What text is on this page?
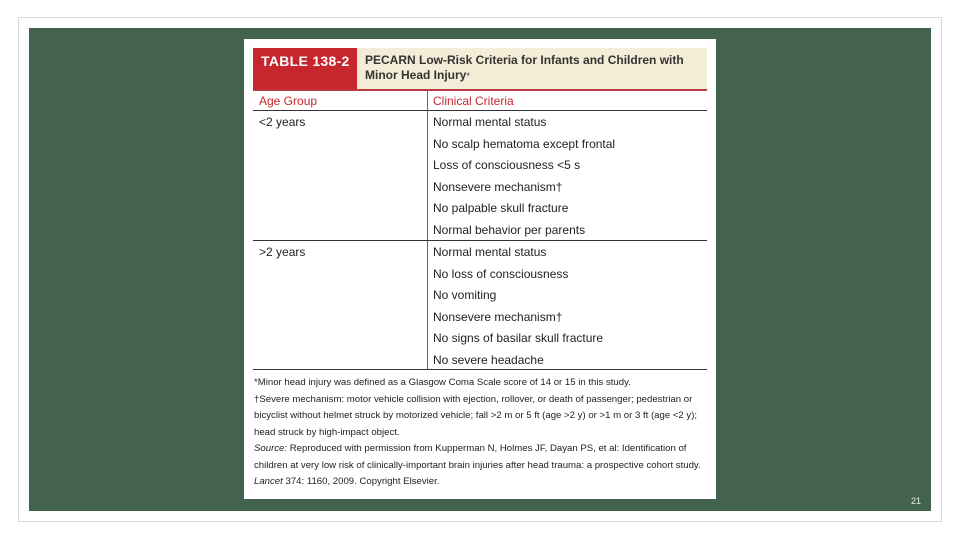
21
TABLE 138-2	PECARN Low-Risk Criteria for Infants and Children with Minor Head Injury*
Age Group	Clinical Criteria
<2 years	Normal mental status
No scalp hematoma except frontal
Loss of consciousness <5 s
Nonsevere mechanism†
No palpable skull fracture
Normal behavior per parents
>2 years	Normal mental status
No loss of consciousness
No vomiting
Nonsevere mechanism†
No signs of basilar skull fracture
No severe headache

*Minor head injury was defined as a Glasgow Coma Scale score of 14 or 15 in this study.

†Severe mechanism: motor vehicle collision with ejection, rollover, or death of passenger; pedestrian or bicyclist without helmet struck by motorized vehicle; fall >2 m or 5 ft (age >2 y) or >1 m or 3 ft (age <2 y); head struck by high-impact object.

Source: Reproduced with permission from Kupperman N, Holmes JF, Dayan PS, et al: Identification of children at very low risk of clinically-important brain injuries after head trauma: a prospective cohort study. Lancet 374: 1160, 2009. Copyright Elsevier.
